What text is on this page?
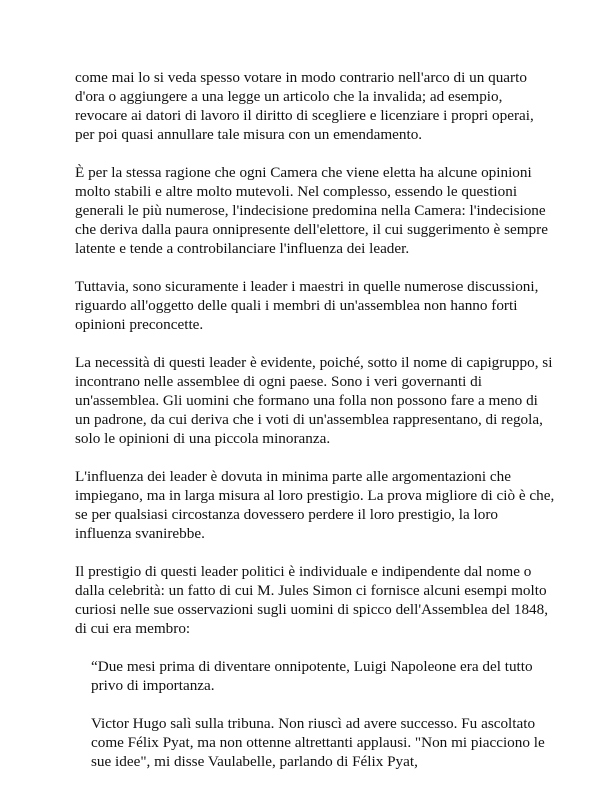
come mai lo si veda spesso votare in modo contrario nell'arco di un quarto d'ora o aggiungere a una legge un articolo che la invalida; ad esempio, revocare ai datori di lavoro il diritto di scegliere e licenziare i propri operai, per poi quasi annullare tale misura con un emendamento.

È per la stessa ragione che ogni Camera che viene eletta ha alcune opinioni molto stabili e altre molto mutevoli. Nel complesso, essendo le questioni generali le più numerose, l'indecisione predomina nella Camera: l'indecisione che deriva dalla paura onnipresente dell'elettore, il cui suggerimento è sempre latente e tende a controbilanciare l'influenza dei leader.

Tuttavia, sono sicuramente i leader i maestri in quelle numerose discussioni, riguardo all'oggetto delle quali i membri di un'assemblea non hanno forti opinioni preconcette.

La necessità di questi leader è evidente, poiché, sotto il nome di capigruppo, si incontrano nelle assemblee di ogni paese. Sono i veri governanti di un'assemblea. Gli uomini che formano una folla non possono fare a meno di un padrone, da cui deriva che i voti di un'assemblea rappresentano, di regola, solo le opinioni di una piccola minoranza.

L'influenza dei leader è dovuta in minima parte alle argomentazioni che impiegano, ma in larga misura al loro prestigio. La prova migliore di ciò è che, se per qualsiasi circostanza dovessero perdere il loro prestigio, la loro influenza svanirebbe.

Il prestigio di questi leader politici è individuale e indipendente dal nome o dalla celebrità: un fatto di cui M. Jules Simon ci fornisce alcuni esempi molto curiosi nelle sue osservazioni sugli uomini di spicco dell'Assemblea del 1848, di cui era membro:

“Due mesi prima di diventare onnipotente, Luigi Napoleone era del tutto privo di importanza.

Victor Hugo salì sulla tribuna. Non riuscì ad avere successo. Fu ascoltato come Félix Pyat, ma non ottenne altrettanti applausi. "Non mi piacciono le sue idee", mi disse Vaulabelle, parlando di Félix Pyat,
